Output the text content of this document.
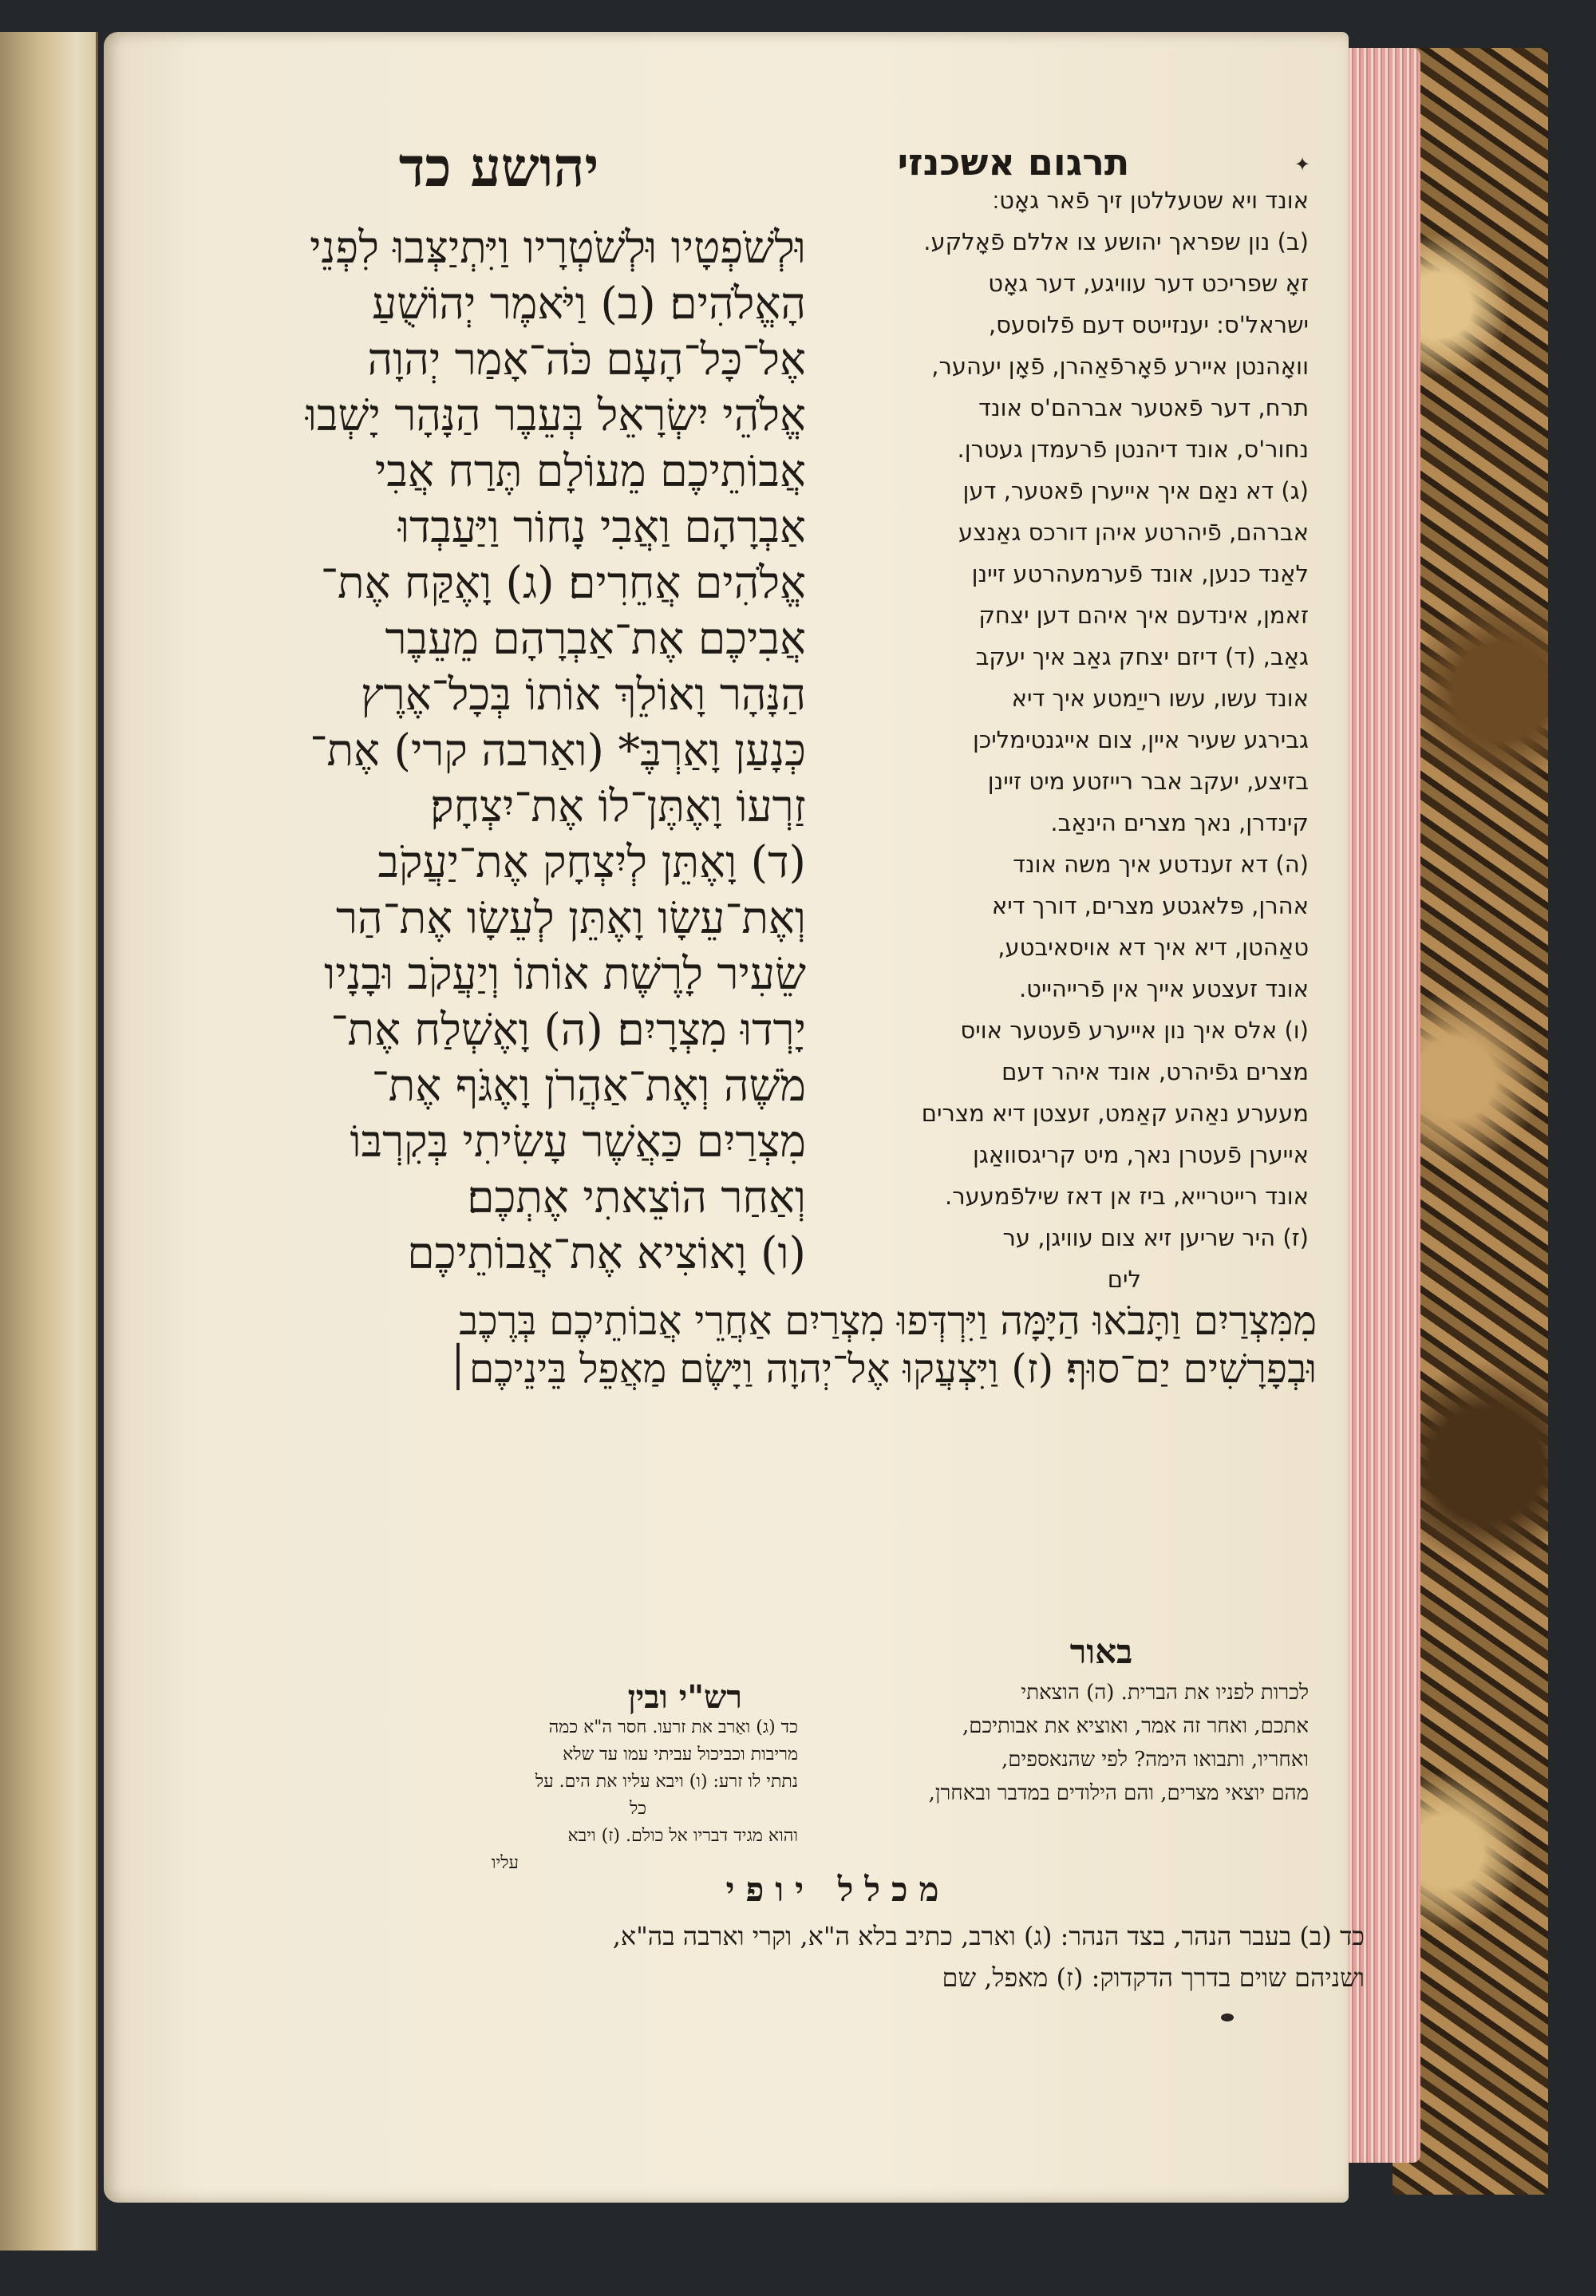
יהושע כד	תרגום אשכנזי	✦
וּלְשֹׁפְטָיו וּלְשֹׁטְרָיו וַיִּתְיַצְּבוּ לִפְנֵי
הָאֱלֹהִים׃ (ב) וַיֹּאמֶר יְהוֹשֻׁעַ
אֶל־כָּל־הָעָם כֹּה־אָמַר יְהוָה
אֱלֹהֵי יִשְׂרָאֵל בְּעֵבֶר הַנָּהָר יָשְׁבוּ
אֲבוֹתֵיכֶם מֵעוֹלָם תֶּרַח אֲבִי
אַבְרָהָם וַאֲבִי נָחוֹר וַיַּעַבְדוּ
אֱלֹהִים אֲחֵרִים׃ (ג) וָאֶקַּח אֶת־
אֲבִיכֶם אֶת־אַבְרָהָם מֵעֵבֶר
הַנָּהָר וָאוֹלֵךְ אוֹתוֹ בְּכָל־אֶרֶץ
כְּנָעַן וָאַרְבֶּ* (ואַרבה קרי) אֶת־
זַרְעוֹ וָאֶתֶּן־לוֹ אֶת־יִצְחָק׃
(ד) וָאֶתֵּן לְיִצְחָק אֶת־יַעֲקֹב
וְאֶת־עֵשָׂו וָאֶתֵּן לְעֵשָׂו אֶת־הַר
שֵׂעִיר לָרֶשֶׁת אוֹתוֹ וְיַעֲקֹב וּבָנָיו
יָרְדוּ מִצְרָיִם׃ (ה) וָאֶשְׁלַח אֶת־
מֹשֶׁה וְאֶת־אַהֲרֹן וָאֶגֹּף אֶת־
מִצְרַיִם כַּאֲשֶׁר עָשִׂיתִי בְּקִרְבּוֹ
וְאַחַר הוֹצֵאתִי אֶתְכֶם׃
(ו) וָאוֹצִיא אֶת־אֲבוֹתֵיכֶם
אונד ויא שטעללטן זיך פֿאר גאָט׃
(ב) נון שפראך יהושע צו אללם פֿאָלקע.
זאָ שפריכט דער עוויגע, דער גאָט
ישראל'ס: יענזייטס דעם פֿלוסעס,
וואָהנטן איירע פֿאָרפֿאַהרן, פֿאָן יעהער,
תרח, דער פֿאטער אברהם'ס אונד
נחור'ס, אונד דיהנטן פֿרעמדן געטרן.
(ג) דא נאַם איך אייערן פֿאטער, דען
אברהם, פֿיהרטע איהן דורכס גאַנצע
לאַנד כנען, אונד פֿערמעהרטע זיינן
זאמן, אינדעם איך איהם דען יצחק
גאַב, (ד) דיזם יצחק גאַב איך יעקב
אונד עשו, עשו רייַמטע איך דיא
גבירגע שעיר איין, צום אייגנטימליכן
בזיצע, יעקב אבר רייזטע מיט זיינן
קינדרן, נאך מצרים הינאַב.
(ה) דא זענדטע איך משה אונד
אהרן, פּלאגטע מצרים, דורך דיא
טאַהטן, דיא איך דא אויסאיבטע,
אונד זעצטע אייך אין פֿרייהייט.
(ו) אלס איך נון אייערע פֿעטער אויס
מצרים גפֿיהרט, אונד איהר דעם
מעערע נאַהע קאַמט, זעצטן דיא מצרים
אייערן פֿעטרן נאך, מיט קריגסוואַגן
אונד רייטרייא, ביז אן דאז שילפֿמעער.
(ז) היר שריען זיא צום עוויגן, ער
לים
מִמִּצְרַיִם וַתָּבֹאוּ הַיָּמָּה וַיִּרְדְּפוּ מִצְרַיִם אַחֲרֵי אֲבוֹתֵיכֶם בְּרֶכֶב
וּבְפָרָשִׁים יַם־סוּף׃ (ז) וַיִּצְעֲקוּ אֶל־יְהוָה וַיָּשֶׂם מַאֲפֵל בֵּינֵיכֶם׀
באור
רש"י ובין	לכרות לפניו את הברית. (ה) הוצאתי
אתכם, ואחר זה אמר, ואוציא את אבותיכם,
ואחריו, ותבואו הימה? לפי שהנאספים,
מהם יוצאי מצרים, והם הילודים במדבר ובאחרן,
כד (ג) ואַרב את זרעו. חסר ה"א כמה
מריבות וכביכול עביתי עמו עד שלא
נתתי לו זרע: (ו) ויבא עליו את הים. על
כל
והוא מגיד דבריו אל כולם. (ז) ויבא
עליו
מכלל יופי
כד (ב) בעבר הנהר, בצד הנהר: (ג) וארב, כתיב בלא ה"א, וקרי וארבה בה"א,
ושניהם שוים בדרך הדקדוק: (ז) מאפל, שם
